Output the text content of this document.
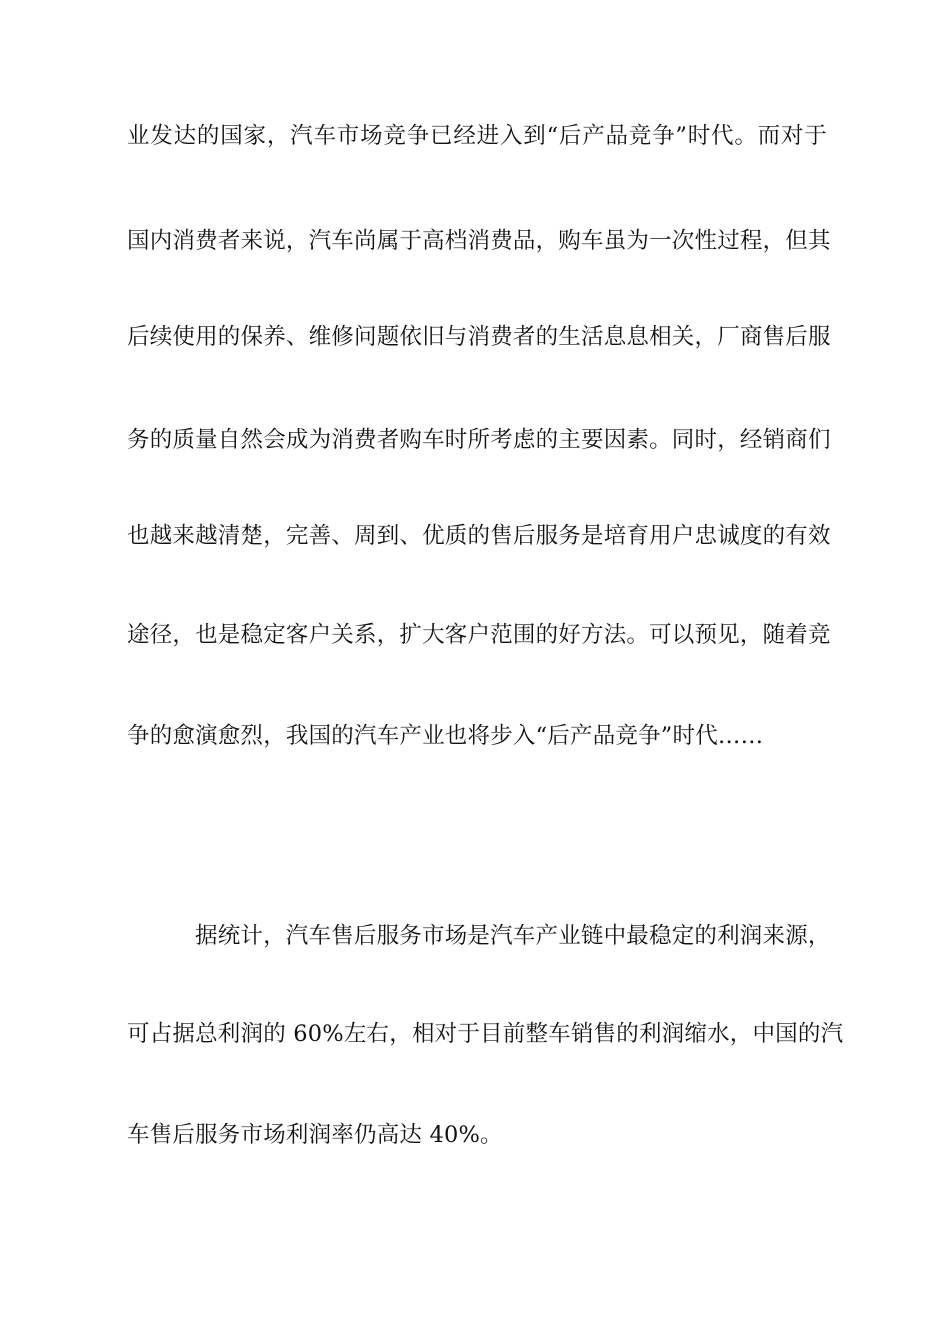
业发达的国家，汽车市场竞争已经进入到“后产品竞争”时代。而对于
国内消费者来说，汽车尚属于高档消费品，购车虽为一次性过程，但其
后续使用的保养、维修问题依旧与消费者的生活息息相关，厂商售后服
务的质量自然会成为消费者购车时所考虑的主要因素。同时，经销商们
也越来越清楚，完善、周到、优质的售后服务是培育用户忠诚度的有效
途径，也是稳定客户关系，扩大客户范围的好方法。可以预见，随着竞
争的愈演愈烈，我国的汽车产业也将步入“后产品竞争”时代……
据统计，汽车售后服务市场是汽车产业链中最稳定的利润来源，
可占据总利润的 60%左右，相对于目前整车销售的利润缩水，中国的汽
车售后服务市场利润率仍高达 40%。
